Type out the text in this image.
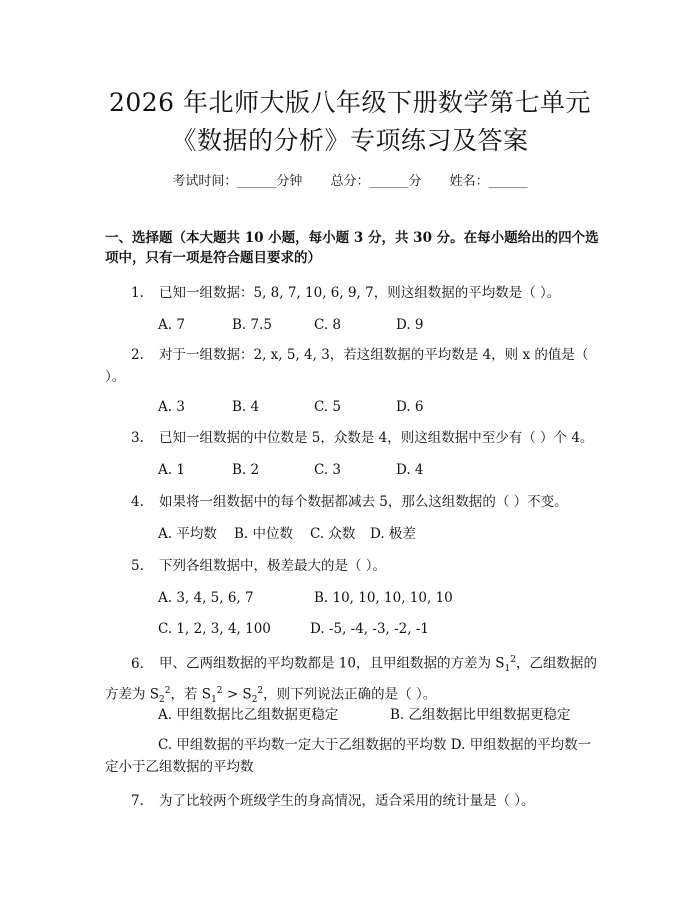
2026 年北师大版八年级下册数学第七单元
《数据的分析》专项练习及答案
考试时间：______分钟 总分：______分 姓名：______
一、选择题（本大题共 10 小题，每小题 3 分，共 30 分。在每小题给出的四个选项中，只有一项是符合题目要求的）
1. 已知一组数据：5, 8, 7, 10, 6, 9, 7，则这组数据的平均数是（ ）。
A. 7	B. 7.5	C. 8	D. 9
2. 对于一组数据：2, x, 5, 4, 3，若这组数据的平均数是 4，则 x 的值是（ ）。
A. 3	B. 4	C. 5	D. 6
3. 已知一组数据的中位数是 5，众数是 4，则这组数据中至少有（ ）个 4。
A. 1	B. 2	C. 3	D. 4
4. 如果将一组数据中的每个数据都减去 5，那么这组数据的（ ）不变。
A. 平均数 B. 中位数 C. 众数 D. 极差
5. 下列各组数据中，极差最大的是（ ）。
A. 3, 4, 5, 6, 7	B. 10, 10, 10, 10, 10
C. 1, 2, 3, 4, 100	D. -5, -4, -3, -2, -1
6. 甲、乙两组数据的平均数都是 10，且甲组数据的方差为 $S_1^2$，乙组数据的方差为 $S_2^2$，若 $S_1^2 > S_2^2$，则下列说法正确的是（ ）。
A. 甲组数据比乙组数据更稳定	B. 乙组数据比甲组数据更稳定
C. 甲组数据的平均数一定大于乙组数据的平均数 D. 甲组数据的平均数一定小于乙组数据的平均数
7. 为了比较两个班级学生的身高情况，适合采用的统计量是（ ）。
